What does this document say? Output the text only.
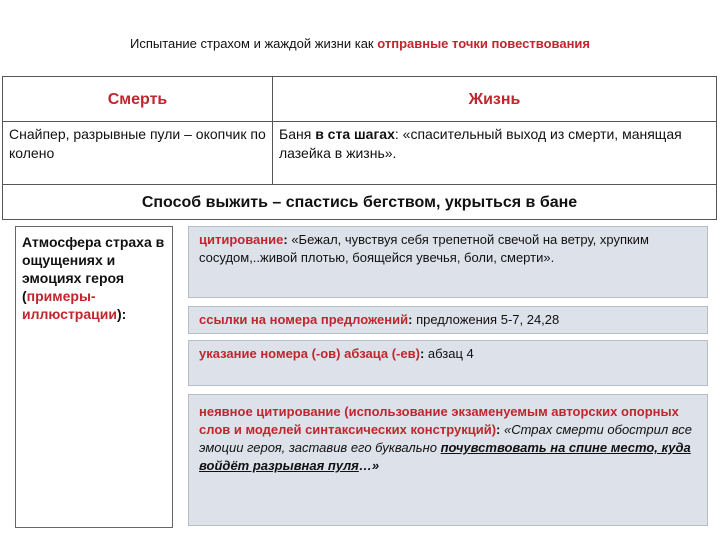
Испытание страхом и жаждой жизни как отправные точки повествования
Смерть	Жизнь
Снайпер, разрывные пули – окопчик по колено	Баня в ста шагах: «спасительный выход из смерти, манящая лазейка в жизнь».
Способ выжить – спастись бегством, укрыться в бане	
Атмосфера страха в ощущениях и эмоциях героя (примеры-иллюстрации):
цитирование: «Бежал, чувствуя себя трепетной свечой на ветру, хрупким сосудом,..живой плотью, боящейся увечья, боли, смерти».
ссылки на номера предложений: предложения 5-7, 24,28
указание номера (-ов) абзаца (-ев): абзац 4
неявное цитирование (использование экзаменуемым авторских опорных слов и моделей синтаксических конструкций): «Страх смерти обострил все эмоции героя, заставив его буквально почувствовать на спине место, куда войдёт разрывная пуля…»
